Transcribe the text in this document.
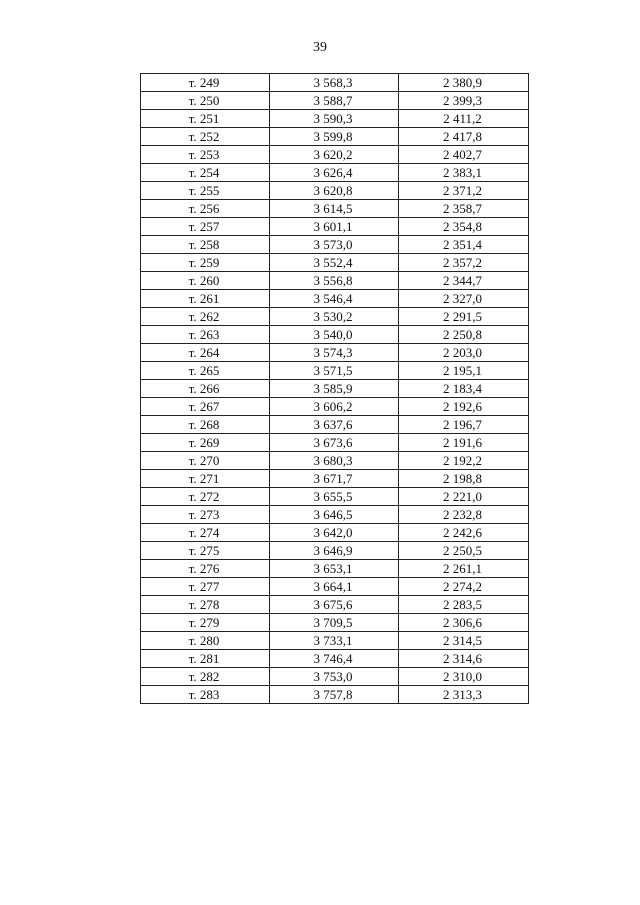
39
т. 249	3 568,3	2 380,9
т. 250	3 588,7	2 399,3
т. 251	3 590,3	2 411,2
т. 252	3 599,8	2 417,8
т. 253	3 620,2	2 402,7
т. 254	3 626,4	2 383,1
т. 255	3 620,8	2 371,2
т. 256	3 614,5	2 358,7
т. 257	3 601,1	2 354,8
т. 258	3 573,0	2 351,4
т. 259	3 552,4	2 357,2
т. 260	3 556,8	2 344,7
т. 261	3 546,4	2 327,0
т. 262	3 530,2	2 291,5
т. 263	3 540,0	2 250,8
т. 264	3 574,3	2 203,0
т. 265	3 571,5	2 195,1
т. 266	3 585,9	2 183,4
т. 267	3 606,2	2 192,6
т. 268	3 637,6	2 196,7
т. 269	3 673,6	2 191,6
т. 270	3 680,3	2 192,2
т. 271	3 671,7	2 198,8
т. 272	3 655,5	2 221,0
т. 273	3 646,5	2 232,8
т. 274	3 642,0	2 242,6
т. 275	3 646,9	2 250,5
т. 276	3 653,1	2 261,1
т. 277	3 664,1	2 274,2
т. 278	3 675,6	2 283,5
т. 279	3 709,5	2 306,6
т. 280	3 733,1	2 314,5
т. 281	3 746,4	2 314,6
т. 282	3 753,0	2 310,0
т. 283	3 757,8	2 313,3
